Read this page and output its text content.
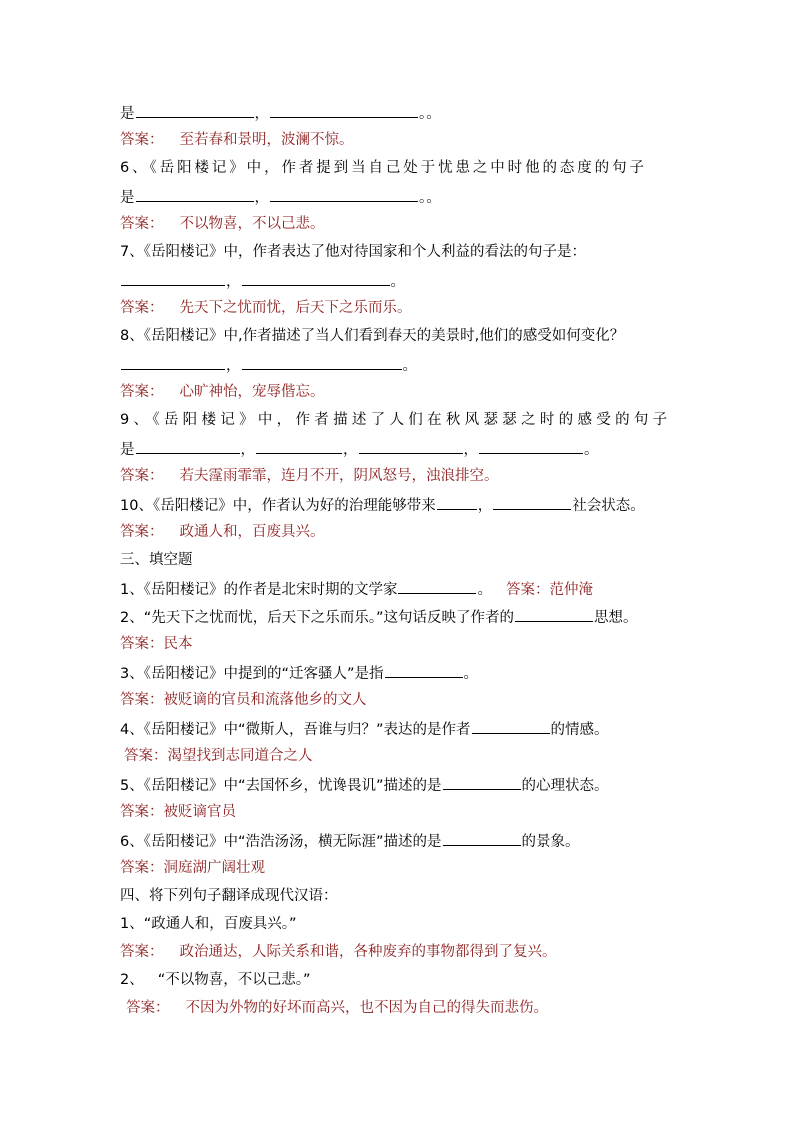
是	，	。。
答案： 至若春和景明，波澜不惊。
6、《岳阳楼记》中，作者提到当自己处于忧患之中时他的态度的句子
是	，	。。
答案： 不以物喜，不以己悲。
7、《岳阳楼记》中，作者表达了他对待国家和个人利益的看法的句子是：
，	。
答案： 先天下之忧而忧，后天下之乐而乐。
8、《岳阳楼记》中,作者描述了当人们看到春天的美景时,他们的感受如何变化？
，	。
答案： 心旷神怡，宠辱偕忘。
9、《岳阳楼记》中，作者描述了人们在秋风瑟瑟之时的感受的句子
是	，	，	，	。
答案： 若夫霪雨霏霏，连月不开，阴风怒号，浊浪排空。
10、《岳阳楼记》中，作者认为好的治理能够带来	，	社会状态。
答案： 政通人和，百废具兴。
三、填空题
1、《岳阳楼记》的作者是北宋时期的文学家	。 答案：范仲淹
2、“先天下之忧而忧，后天下之乐而乐。”这句话反映了作者的	思想。
答案：民本
3、《岳阳楼记》中提到的“迁客骚人”是指	。
答案：被贬谪的官员和流落他乡的文人
4、《岳阳楼记》中“微斯人，吾谁与归？”表达的是作者	的情感。
答案：渴望找到志同道合之人
5、《岳阳楼记》中“去国怀乡，忧谗畏讥”描述的是	的心理状态。
答案：被贬谪官员
6、《岳阳楼记》中“浩浩汤汤，横无际涯”描述的是	的景象。
答案：洞庭湖广阔壮观
四、将下列句子翻译成现代汉语：
1、“政通人和，百废具兴。”
答案： 政治通达，人际关系和谐，各种废弃的事物都得到了复兴。
2、 “不以物喜，不以己悲。”
答案： 不因为外物的好坏而高兴，也不因为自己的得失而悲伤。
